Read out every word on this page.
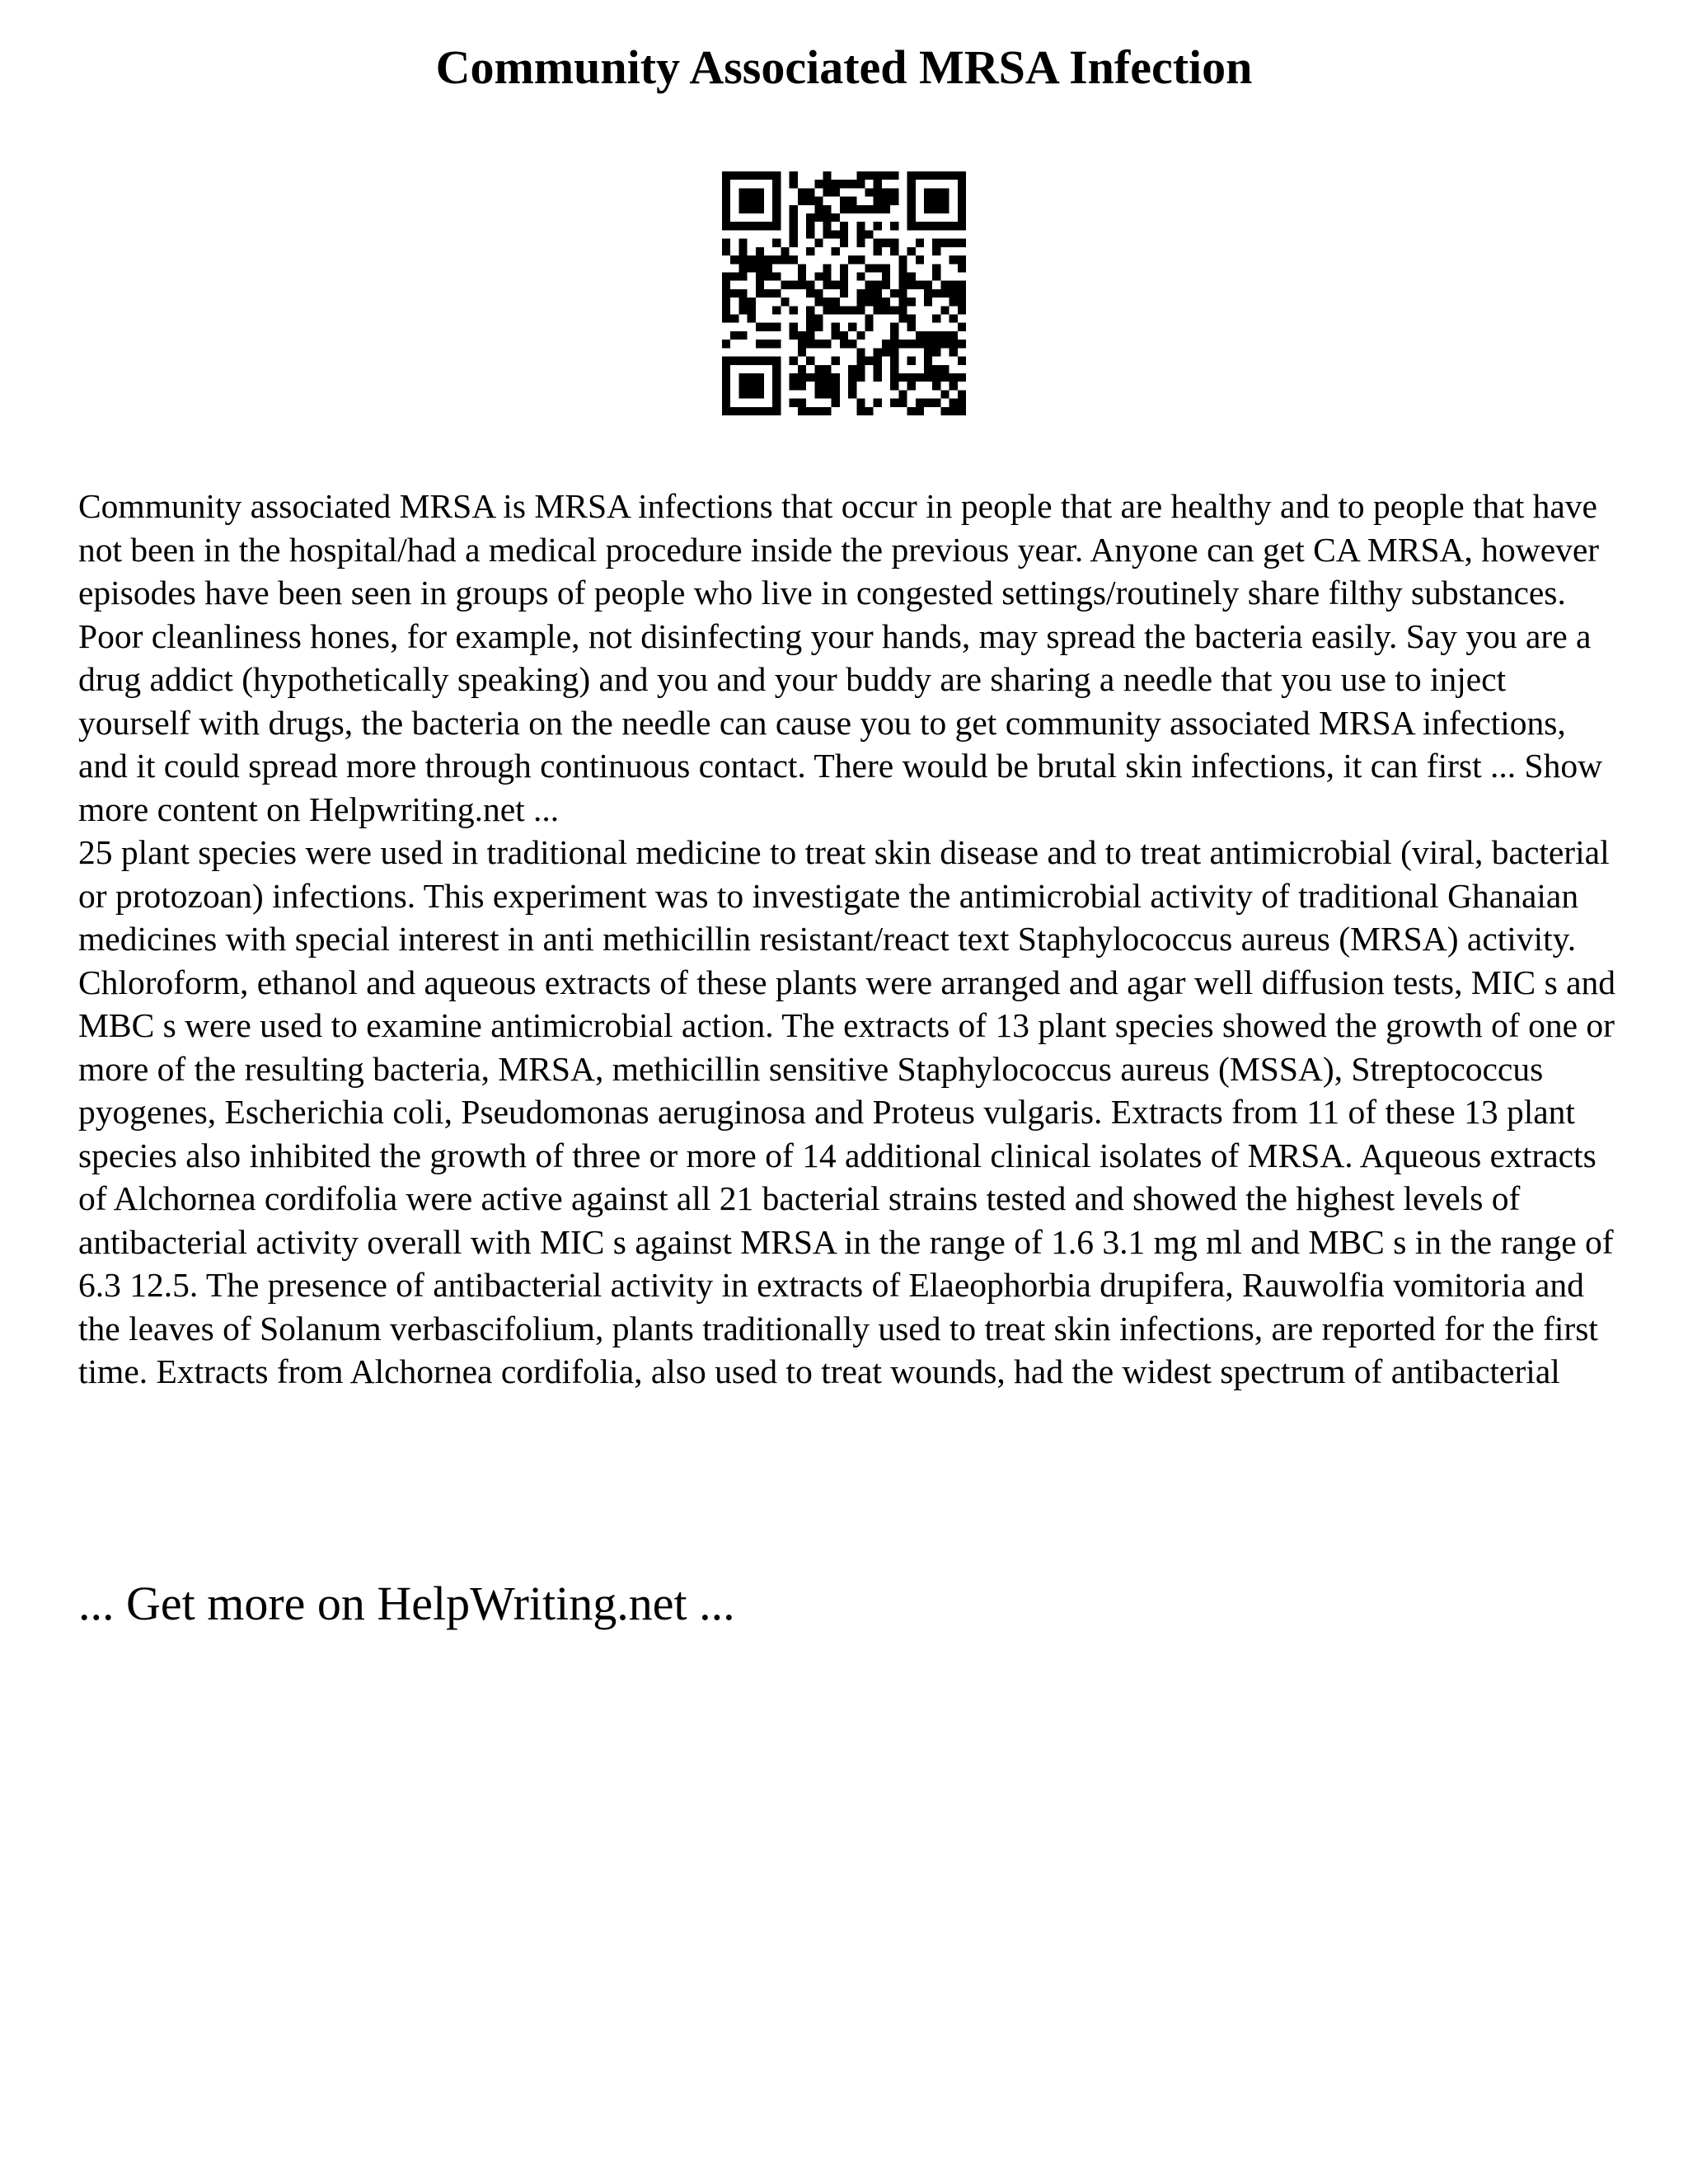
Community Associated MRSA Infection

Community associated MRSA is MRSA infections that occur in people that are healthy and to people that have not been in the hospital/had a medical procedure inside the previous year. Anyone can get CA MRSA, however episodes have been seen in groups of people who live in congested settings/routinely share filthy substances. Poor cleanliness hones, for example, not disinfecting your hands, may spread the bacteria easily. Say you are a drug addict (hypothetically speaking) and you and your buddy are sharing a needle that you use to inject yourself with drugs, the bacteria on the needle can cause you to get community associated MRSA infections, and it could spread more through continuous contact. There would be brutal skin infections, it can first ... Show more content on Helpwriting.net ...

25 plant species were used in traditional medicine to treat skin disease and to treat antimicrobial (viral, bacterial or protozoan) infections. This experiment was to investigate the antimicrobial activity of traditional Ghanaian medicines with special interest in anti methicillin resistant/react text Staphylococcus aureus (MRSA) activity. Chloroform, ethanol and aqueous extracts of these plants were arranged and agar well diffusion tests, MIC s and MBC s were used to examine antimicrobial action. The extracts of 13 plant species showed the growth of one or more of the resulting bacteria, MRSA, methicillin sensitive Staphylococcus aureus (MSSA), Streptococcus pyogenes, Escherichia coli, Pseudomonas aeruginosa and Proteus vulgaris. Extracts from 11 of these 13 plant species also inhibited the growth of three or more of 14 additional clinical isolates of MRSA. Aqueous extracts of Alchornea cordifolia were active against all 21 bacterial strains tested and showed the highest levels of antibacterial activity overall with MIC s against MRSA in the range of 1.6 3.1 mg ml and MBC s in the range of 6.3 12.5. The presence of antibacterial activity in extracts of Elaeophorbia drupifera, Rauwolfia vomitoria and the leaves of Solanum verbascifolium, plants traditionally used to treat skin infections, are reported for the first time. Extracts from Alchornea cordifolia, also used to treat wounds, had the widest spectrum of antibacterial

... Get more on HelpWriting.net ...
